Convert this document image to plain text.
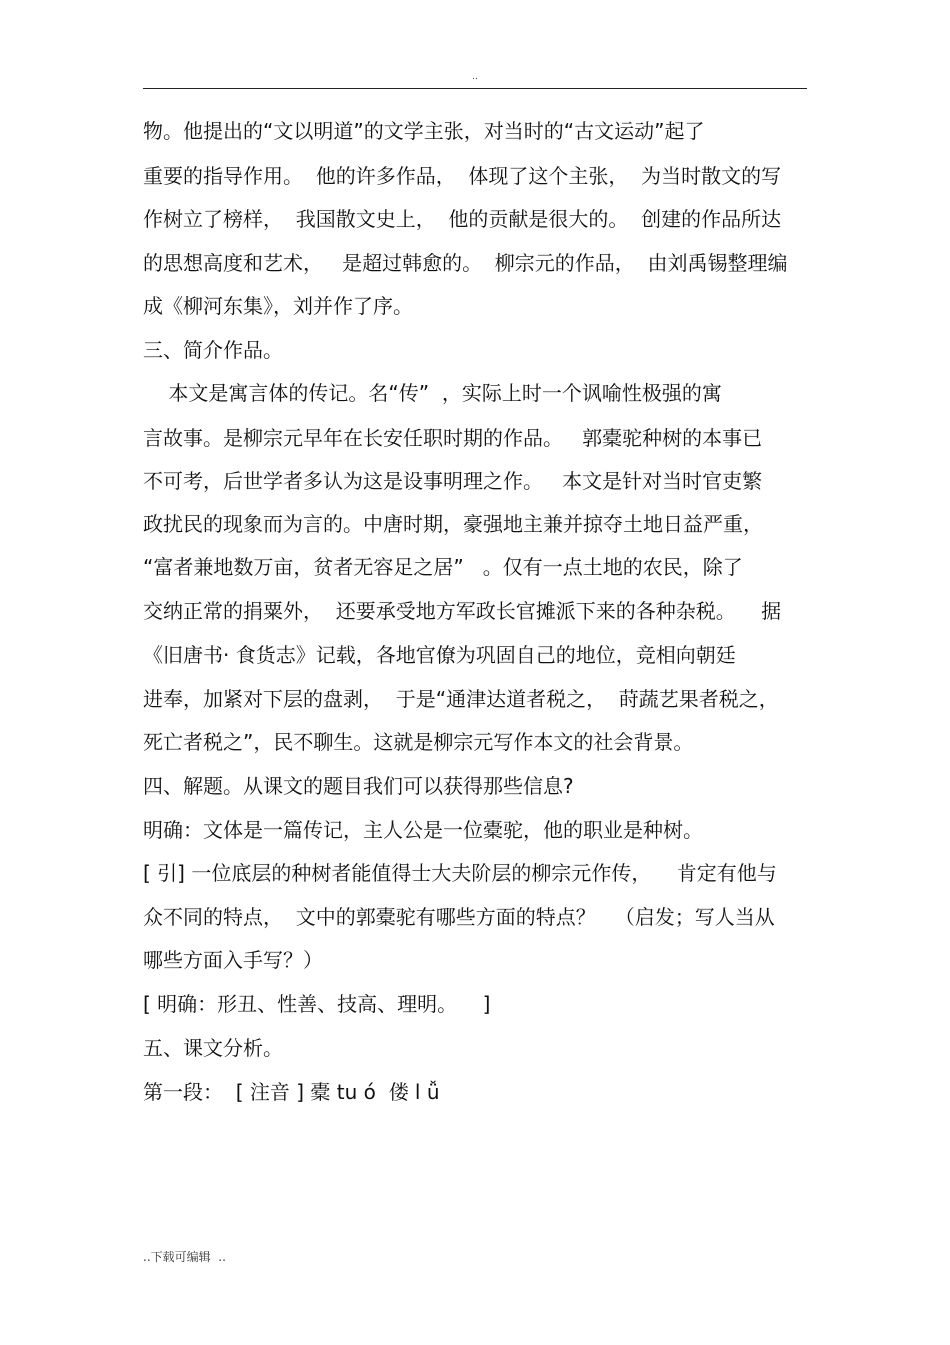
..
物。他提出的“文以明道”的文学主张，对当时的“古文运动”起了
重要的指导作用。  他的许多作品，  体现了这个主张，  为当时散文的写
作树立了榜样，  我国散文史上，  他的贡献是很大的。  创建的作品所达
的思想高度和艺术，   是超过韩愈的。  柳宗元的作品，  由刘禹锡整理编
成《柳河东集》，刘并作了序。
三、简介作品。
本文是寓言体的传记。名“传”  ，实际上时一个讽喻性极强的寓
言故事。是柳宗元早年在长安任职时期的作品。   郭橐驼种树的本事已
不可考，后世学者多认为这是设事明理之作。   本文是针对当时官吏繁
政扰民的现象而为言的。中唐时期，豪强地主兼并掠夺土地日益严重，
“富者兼地数万亩，贫者无容足之居”   。仅有一点土地的农民，除了
交纳正常的捐粟外，  还要承受地方军政长官摊派下来的各种杂税。    据
《旧唐书· 食货志》记载，各地官僚为巩固自己的地位，竞相向朝廷
进奉，加紧对下层的盘剥，  于是“通津达道者税之，  莳蔬艺果者税之，
死亡者税之”，民不聊生。这就是柳宗元写作本文的社会背景。
四、解题。从课文的题目我们可以获得那些信息?
明确：文体是一篇传记，主人公是一位橐驼，他的职业是种树。
[ 引] 一位底层的种树者能值得士大夫阶层的柳宗元作传，    肯定有他与
众不同的特点，  文中的郭橐驼有哪些方面的特点？   （启发；写人当从
哪些方面入手写？）
[ 明确：形丑、性善、技高、理明。    ]
五、课文分析。
第一段：  [ 注音 ] 橐 tu ó  偻 l ǚ
..下载可编辑  ..
